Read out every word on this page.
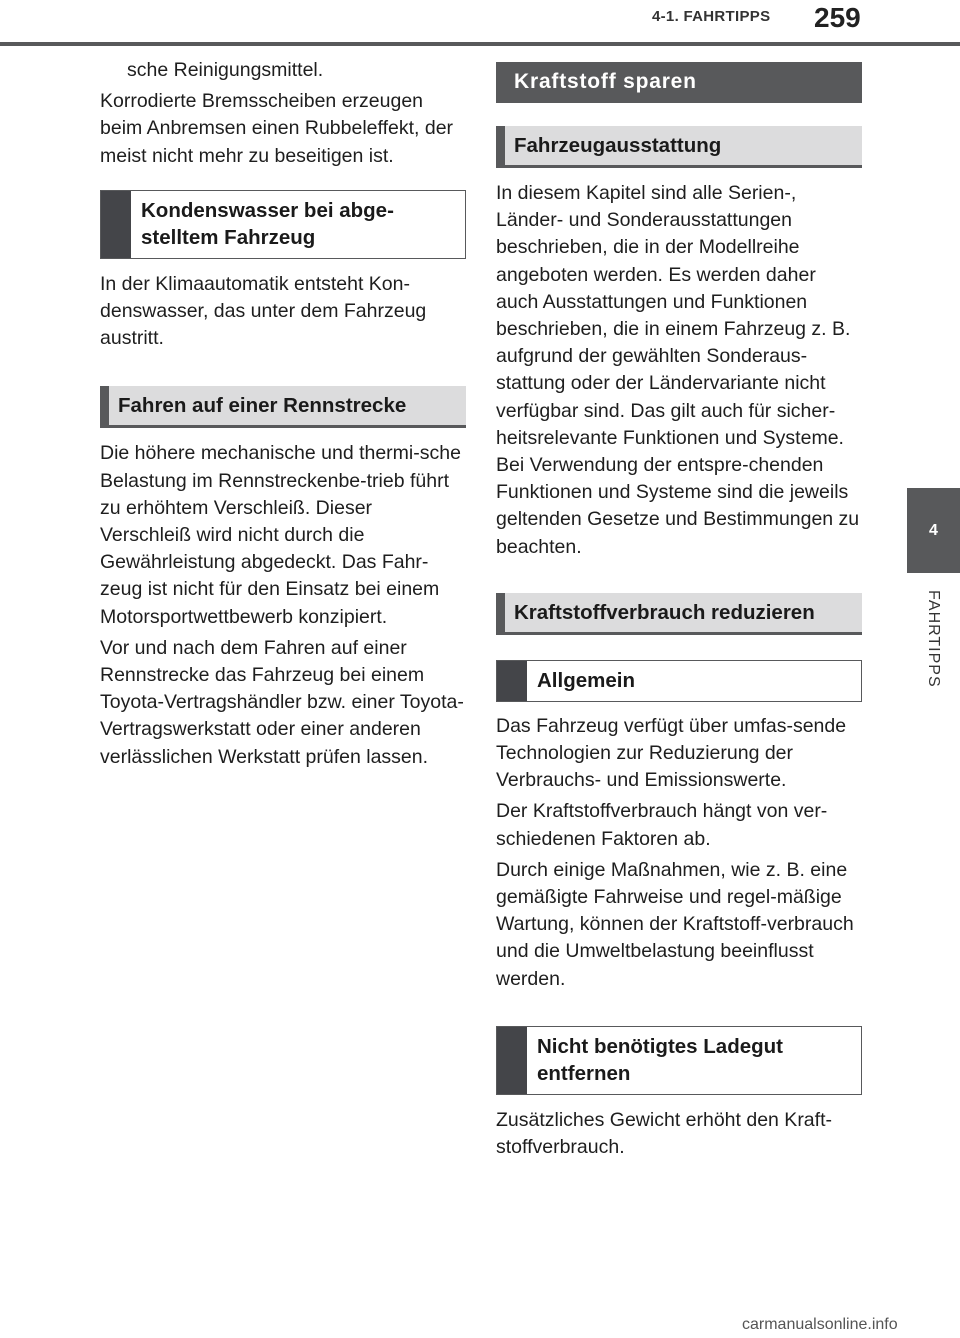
4-1. FAHRTIPPS	259
4
FAHRTIPPS

sche Reinigungsmittel.

Korrodierte Bremsscheiben erzeugen beim Anbremsen einen Rubbeleffekt, der meist nicht mehr zu beseitigen ist.

Kondenswasser bei abge-stelltem Fahrzeug

In der Klimaautomatik entsteht Kon-denswasser, das unter dem Fahrzeug austritt.

Fahren auf einer Rennstrecke

Die höhere mechanische und thermi-sche Belastung im Rennstreckenbe-trieb führt zu erhöhtem Verschleiß. Dieser Verschleiß wird nicht durch die Gewährleistung abgedeckt. Das Fahr-zeug ist nicht für den Einsatz bei einem Motorsportwettbewerb konzipiert.

Vor und nach dem Fahren auf einer Rennstrecke das Fahrzeug bei einem Toyota-Vertragshändler bzw. einer Toyota-Vertragswerkstatt oder einer anderen verlässlichen Werkstatt prüfen lassen.

Kraftstoff sparen
Fahrzeugausstattung

In diesem Kapitel sind alle Serien-, Länder- und Sonderausstattungen beschrieben, die in der Modellreihe angeboten werden. Es werden daher auch Ausstattungen und Funktionen beschrieben, die in einem Fahrzeug z. B. aufgrund der gewählten Sonderaus-stattung oder der Ländervariante nicht verfügbar sind. Das gilt auch für sicher-heitsrelevante Funktionen und Systeme. Bei Verwendung der entspre-chenden Funktionen und Systeme sind die jeweils geltenden Gesetze und Bestimmungen zu beachten.

Kraftstoffverbrauch reduzieren
Allgemein

Das Fahrzeug verfügt über umfas-sende Technologien zur Reduzierung der Verbrauchs- und Emissionswerte.

Der Kraftstoffverbrauch hängt von ver-schiedenen Faktoren ab.

Durch einige Maßnahmen, wie z. B. eine gemäßigte Fahrweise und regel-mäßige Wartung, können der Kraftstoff-verbrauch und die Umweltbelastung beeinflusst werden.

Nicht benötigtes Ladegut entfernen

Zusätzliches Gewicht erhöht den Kraft-stoffverbrauch.

carmanualsonline.info
